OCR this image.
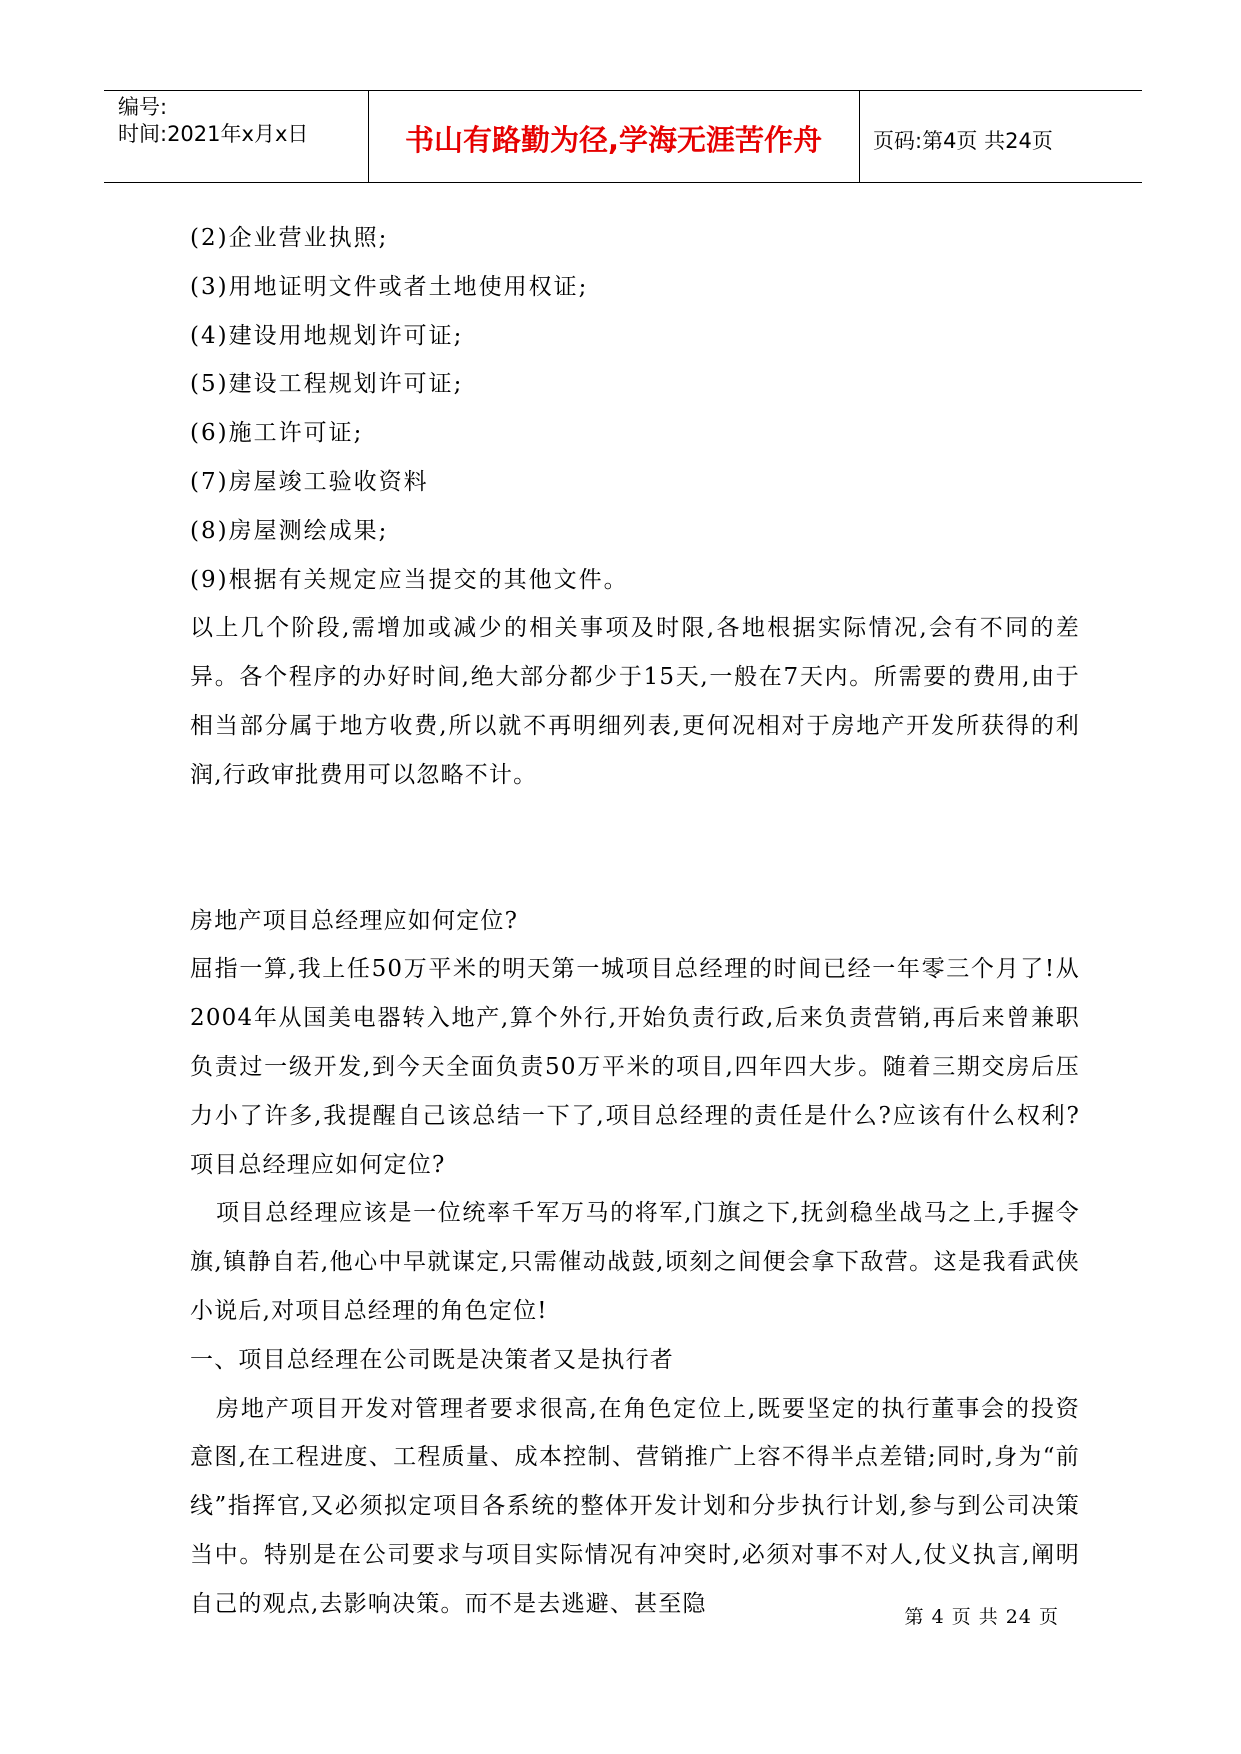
编号:
时间:2021年x月x日	书山有路勤为径,学海无涯苦作舟	页码:第4页 共24页

(2)企业营业执照;

(3)用地证明文件或者土地使用权证;

(4)建设用地规划许可证;

(5)建设工程规划许可证;

(6)施工许可证;

(7)房屋竣工验收资料

(8)房屋测绘成果;

(9)根据有关规定应当提交的其他文件。

以上几个阶段,需增加或减少的相关事项及时限,各地根据实际情况,会有不同的差异。各个程序的办好时间,绝大部分都少于15天,一般在7天内。所需要的费用,由于相当部分属于地方收费,所以就不再明细列表,更何况相对于房地产开发所获得的利润,行政审批费用可以忽略不计。

房地产项目总经理应如何定位?

屈指一算,我上任50万平米的明天第一城项目总经理的时间已经一年零三个月了!从2004年从国美电器转入地产,算个外行,开始负责行政,后来负责营销,再后来曾兼职负责过一级开发,到今天全面负责50万平米的项目,四年四大步。随着三期交房后压力小了许多,我提醒自己该总结一下了,项目总经理的责任是什么?应该有什么权利?项目总经理应如何定位?

项目总经理应该是一位统率千军万马的将军,门旗之下,抚剑稳坐战马之上,手握令旗,镇静自若,他心中早就谋定,只需催动战鼓,顷刻之间便会拿下敌营。这是我看武侠小说后,对项目总经理的角色定位!

一、项目总经理在公司既是决策者又是执行者

房地产项目开发对管理者要求很高,在角色定位上,既要坚定的执行董事会的投资意图,在工程进度、工程质量、成本控制、营销推广上容不得半点差错;同时,身为“前线”指挥官,又必须拟定项目各系统的整体开发计划和分步执行计划,参与到公司决策当中。特别是在公司要求与项目实际情况有冲突时,必须对事不对人,仗义执言,阐明自己的观点,去影响决策。而不是去逃避、甚至隐

第 4 页 共 24 页
